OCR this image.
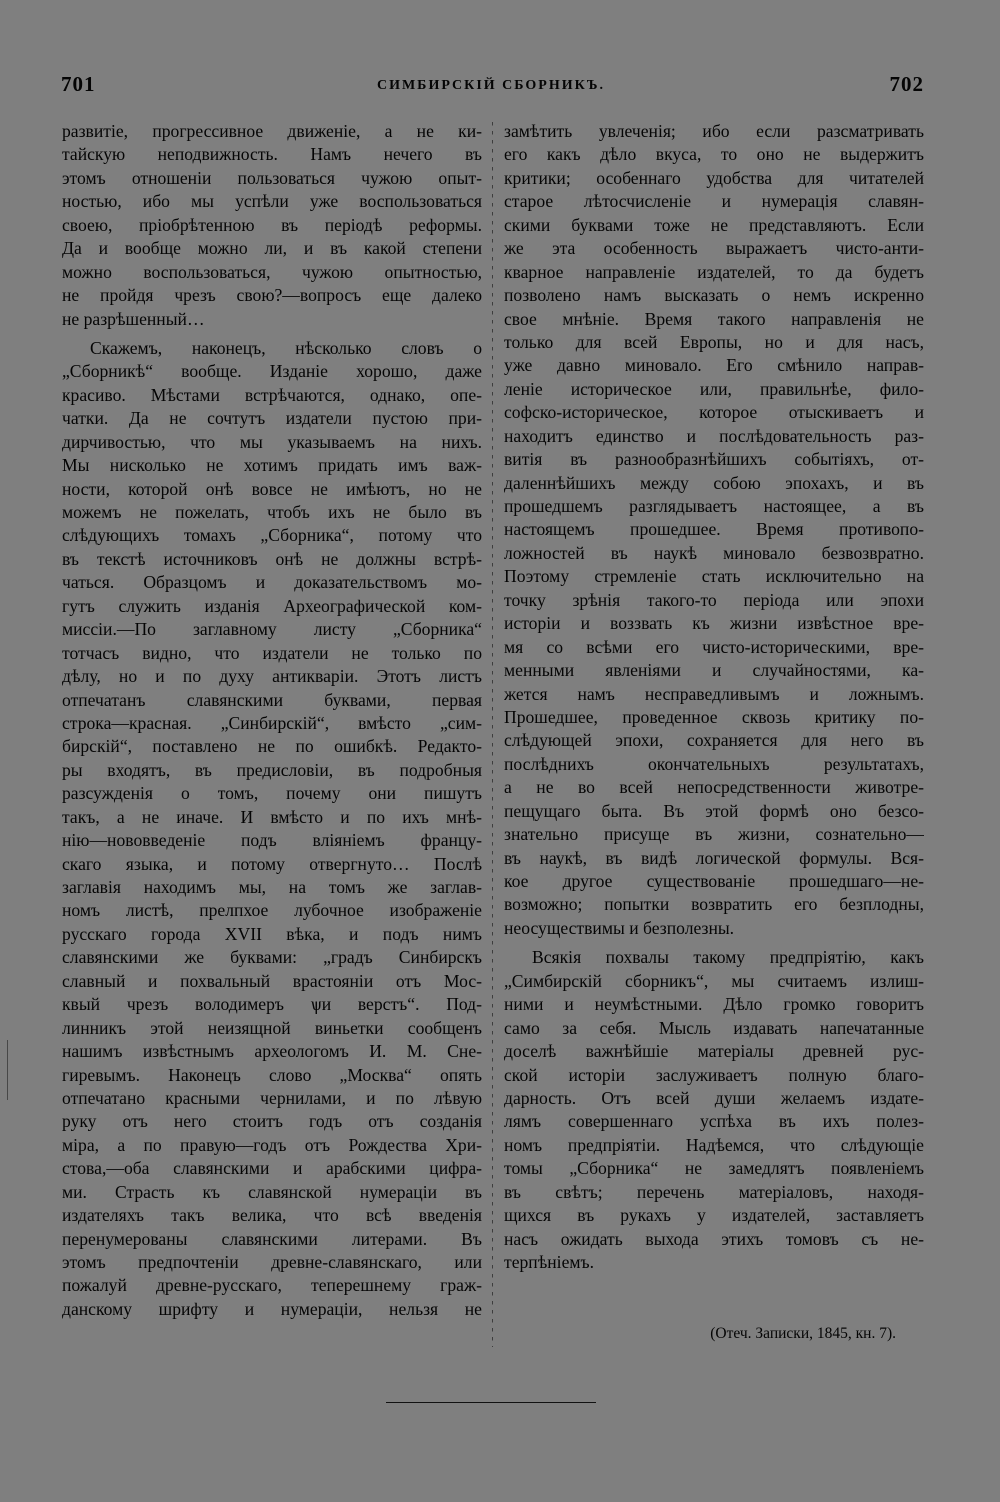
701	СИМБИРСКІЙ СБОРНИКЪ.	702
развитіе, прогрессивное движеніе, а не ки-
тайскую неподвижность. Намъ нечего въ
этомъ отношеніи пользоваться чужою опыт-
ностью, ибо мы успѣли уже воспользоваться
своею, пріобрѣтенною въ періодѣ реформы.
Да и вообще можно ли, и въ какой степени
можно воспользоваться, чужою опытностью,
не пройдя чрезъ свою?—вопросъ еще далеко
не разрѣшенный…
Скажемъ, наконецъ, нѣсколько словъ о
„Сборникѣ“ вообще. Изданіе хорошо, даже
красиво. Мѣстами встрѣчаются, однако, опе-
чатки. Да не сочтутъ издатели пустою при-
дирчивостью, что мы указываемъ на нихъ.
Мы нисколько не хотимъ придать имъ важ-
ности, которой онѣ вовсе не имѣютъ, но не
можемъ не пожелать, чтобъ ихъ не было въ
слѣдующихъ томахъ „Сборника“, потому что
въ текстѣ источниковъ онѣ не должны встрѣ-
чаться. Образцомъ и доказательствомъ мо-
гутъ служить изданія Археографической ком-
миссіи.—По заглавному листу „Сборника“
тотчасъ видно, что издатели не только по
дѣлу, но и по духу антикваріи. Этотъ листъ
отпечатанъ славянскими буквами, первая
строка—красная. „Синбирскій“, вмѣсто „сим-
бирскій“, поставлено не по ошибкѣ. Редакто-
ры входятъ, въ предисловіи, въ подробныя
разсужденія о томъ, почему они пишутъ
такъ, а не иначе. И вмѣсто и по ихъ мнѣ-
нію—нововведеніе подъ вліяніемъ францу-
скаго языка, и потому отвергнуто… Послѣ
заглавія находимъ мы, на томъ же заглав-
номъ листѣ, прелпхое лубочное изображеніе
русскаго города XVII вѣка, и подъ нимъ
славянскими же буквами: „градъ Синбирскъ
славный и похвальный врастояніи отъ Мос-
квый чрезъ володимеръ ѱи верстъ“. Под-
линникъ этой неизящной виньетки сообщенъ
нашимъ извѣстнымъ археологомъ И. М. Сне-
гиревымъ. Наконецъ слово „Москва“ опять
отпечатано красными чернилами, и по лѣвую
руку отъ него стоитъ годъ отъ созданія
міра, а по правую—годъ отъ Рождества Хри-
стова,—оба славянскими и арабскими цифра-
ми. Страсть къ славянской нумераціи въ
издателяхъ такъ велика, что всѣ введенія
перенумерованы славянскими литерами. Въ
этомъ предпочтеніи древне-славянскаго, или
пожалуй древне-русскаго, теперешнему граж-
данскому шрифту и нумераціи, нельзя не
замѣтить увлеченія; ибо если разсматривать
его какъ дѣло вкуса, то оно не выдержитъ
критики; особеннаго удобства для читателей
старое лѣтосчисленіе и нумерація славян-
скими буквами тоже не представляютъ. Если
же эта особенность выражаетъ чисто-анти-
кварное направленіе издателей, то да будетъ
позволено намъ высказать о немъ искренно
свое мнѣніе. Время такого направленія не
только для всей Европы, но и для насъ,
уже давно миновало. Его смѣнило направ-
леніе историческое или, правильнѣе, фило-
софско-историческое, которое отыскиваетъ и
находитъ единство и послѣдовательность раз-
витія въ разнообразнѣйшихъ событіяхъ, от-
даленнѣйшихъ между собою эпохахъ, и въ
прошедшемъ разглядываетъ настоящее, а въ
настоящемъ прошедшее. Время противопо-
ложностей въ наукѣ миновало безвозвратно.
Поэтому стремленіе стать исключительно на
точку зрѣнія такого-то періода или эпохи
исторіи и воззвать къ жизни извѣстное вре-
мя со всѣми его чисто-историческими, вре-
менными явленіями и случайностями, ка-
жется намъ несправедливымъ и ложнымъ.
Прошедшее, проведенное сквозь критику по-
слѣдующей эпохи, сохраняется для него въ
послѣднихъ окончательныхъ результатахъ,
а не во всей непосредственности животре-
пещущаго быта. Въ этой формѣ оно безсо-
знательно присуще въ жизни, сознательно—
въ наукѣ, въ видѣ логической формулы. Вся-
кое другое существованіе прошедшаго—не-
возможно; попытки возвратить его безплодны,
неосуществимы и безполезны.
Всякія похвалы такому предпріятію, какъ
„Симбирскій сборникъ“, мы считаемъ излиш-
ними и неумѣстными. Дѣло громко говоритъ
само за себя. Мысль издавать напечатанные
доселѣ важнѣйшіе матеріалы древней рус-
ской исторіи заслуживаетъ полную благо-
дарность. Отъ всей души желаемъ издате-
лямъ совершеннаго успѣха въ ихъ полез-
номъ предпріятіи. Надѣемся, что слѣдующіе
томы „Сборника“ не замедлятъ появленіемъ
въ свѣтъ; перечень матеріаловъ, находя-
щихся въ рукахъ у издателей, заставляетъ
насъ ожидать выхода этихъ томовъ съ не-
терпѣніемъ.
(Отеч. Записки, 1845, кн. 7).
